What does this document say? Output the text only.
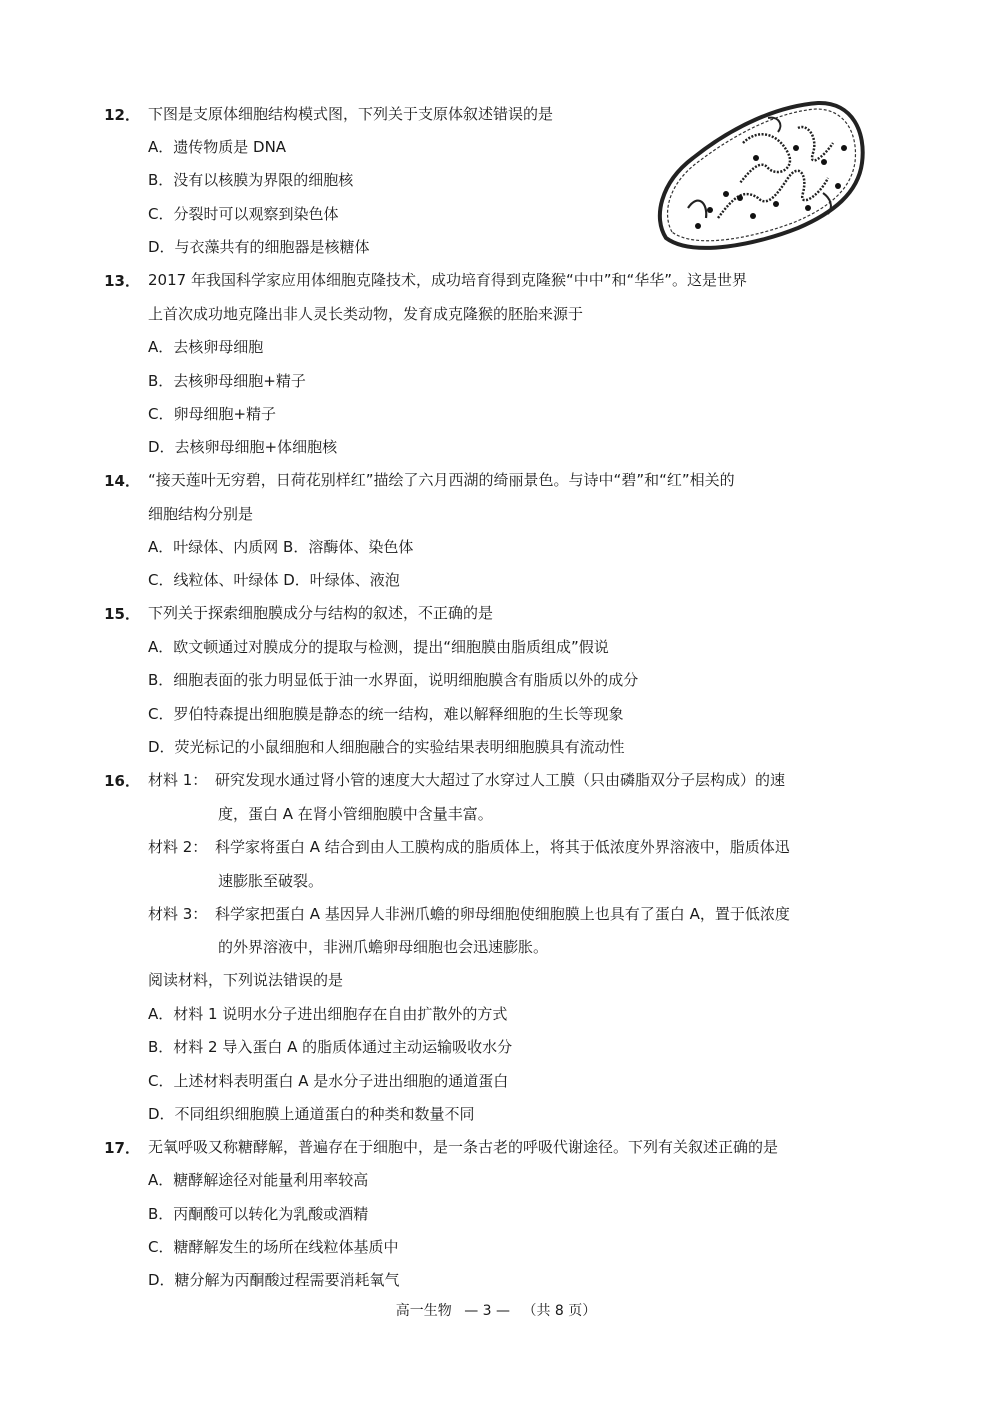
12． 下图是支原体细胞结构模式图，下列关于支原体叙述错误的是
A．遗传物质是 DNA
B．没有以核膜为界限的细胞核
C．分裂时可以观察到染色体
D．与衣藻共有的细胞器是核糖体
13． 2017 年我国科学家应用体细胞克隆技术，成功培育得到克隆猴“中中”和“华华”。这是世界
上首次成功地克隆出非人灵长类动物，发育成克隆猴的胚胎来源于
A．去核卵母细胞
B．去核卵母细胞+精子
C．卵母细胞+精子
D．去核卵母细胞+体细胞核
14． “接天莲叶无穷碧，日荷花别样红”描绘了六月西湖的绮丽景色。与诗中“碧”和“红”相关的
细胞结构分别是
A．叶绿体、内质网 B．溶酶体、染色体
C．线粒体、叶绿体 D．叶绿体、液泡
15． 下列关于探索细胞膜成分与结构的叙述，不正确的是
A．欧文顿通过对膜成分的提取与检测，提出“细胞膜由脂质组成”假说
B．细胞表面的张力明显低于油一水界面，说明细胞膜含有脂质以外的成分
C．罗伯特森提出细胞膜是静态的统一结构，难以解释细胞的生长等现象
D．荧光标记的小鼠细胞和人细胞融合的实验结果表明细胞膜具有流动性
16． 材料 1： 研究发现水通过肾小管的速度大大超过了水穿过人工膜（只由磷脂双分子层构成）的速
度，蛋白 A 在肾小管细胞膜中含量丰富。
材料 2： 科学家将蛋白 A 结合到由人工膜构成的脂质体上，将其于低浓度外界溶液中，脂质体迅
速膨胀至破裂。
材料 3： 科学家把蛋白 A 基因异人非洲爪蟾的卵母细胞使细胞膜上也具有了蛋白 A，置于低浓度
的外界溶液中，非洲爪蟾卵母细胞也会迅速膨胀。
阅读材料，下列说法错误的是
A．材料 1 说明水分子进出细胞存在自由扩散外的方式
B．材料 2 导入蛋白 A 的脂质体通过主动运输吸收水分
C．上述材料表明蛋白 A 是水分子进出细胞的通道蛋白
D．不同组织细胞膜上通道蛋白的种类和数量不同
17． 无氧呼吸又称糖酵解，普遍存在于细胞中，是一条古老的呼吸代谢途径。下列有关叙述正确的是
A．糖酵解途径对能量利用率较高
B．丙酮酸可以转化为乳酸或酒精
C．糖酵解发生的场所在线粒体基质中
D．糖分解为丙酮酸过程需要消耗氧气
高一生物 — 3 — （共 8 页）
